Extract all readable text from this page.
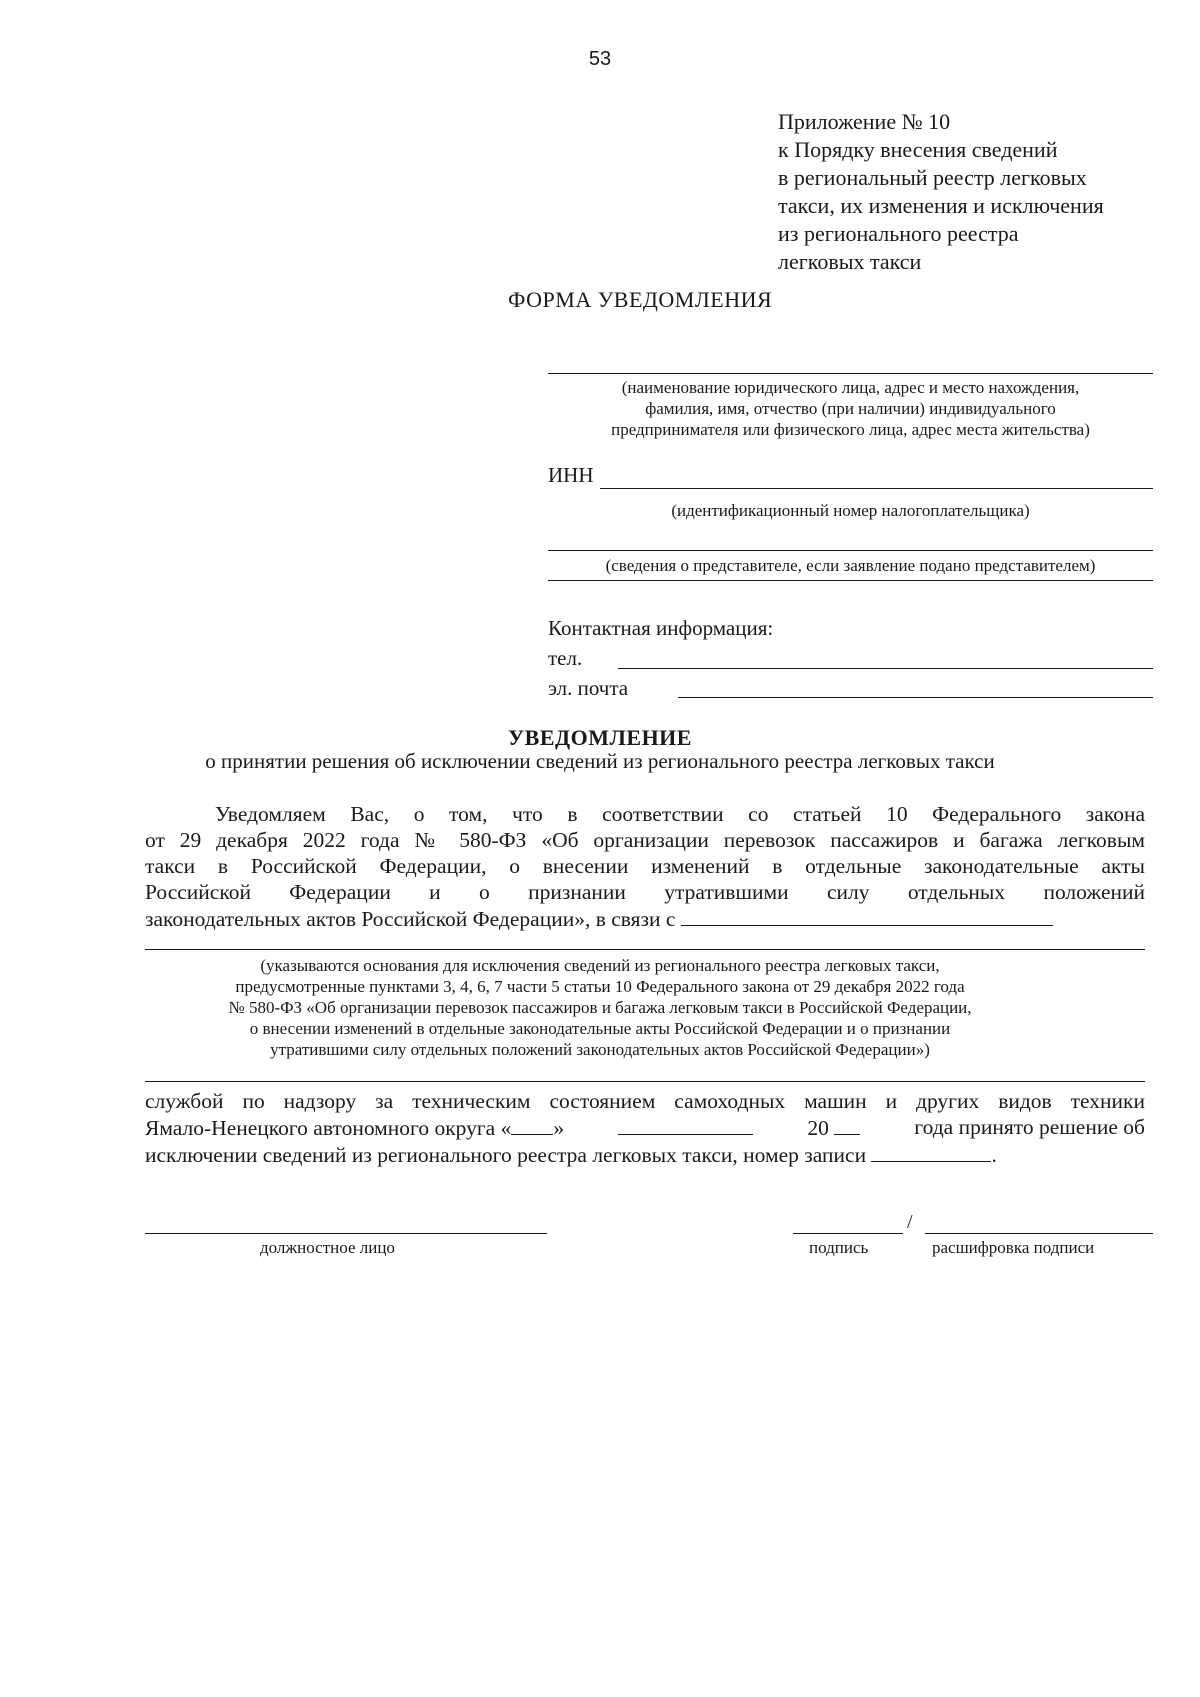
53
Приложение № 10
к Порядку внесения сведений
в региональный реестр легковых
такси, их изменения и исключения
из регионального реестра
легковых такси
ФОРМА УВЕДОМЛЕНИЯ
(наименование юридического лица, адрес и место нахождения,
фамилия, имя, отчество (при наличии) индивидуального
предпринимателя или физического лица, адрес места жительства)
ИНН
(идентификационный номер налогоплательщика)
(сведения о представителе, если заявление подано представителем)
Контактная информация:
тел.
эл. почта
УВЕДОМЛЕНИЕ
о принятии решения об исключении сведений из регионального реестра легковых такси

Уведомляем Вас, о том, что в соответствии со статьей 10 Федерального закона

от 29 декабря 2022 года № 580-ФЗ «Об организации перевозок пассажиров и багажа легковым

такси в Российской Федерации, о внесении изменений в отдельные законодательные акты

Российской Федерации и о признании утратившими силу отдельных положений

законодательных актов Российской Федерации», в связи с

(указываются основания для исключения сведений из регионального реестра легковых такси,
предусмотренные пунктами 3, 4, 6, 7 части 5 статьи 10 Федерального закона от 29 декабря 2022 года
№ 580-ФЗ «Об организации перевозок пассажиров и багажа легковым такси в Российской Федерации,
о внесении изменений в отдельные законодательные акты Российской Федерации и о признании
утратившими силу отдельных положений законодательных актов Российской Федерации»)

службой по надзору за техническим состоянием самоходных машин и других видов техники

Ямало-Ненецкого автономного округа « »	20	года принято решение об

исключении сведений из регионального реестра легковых такси, номер записи	.

должностное лицо
/
подпись	расшифровка подписи
